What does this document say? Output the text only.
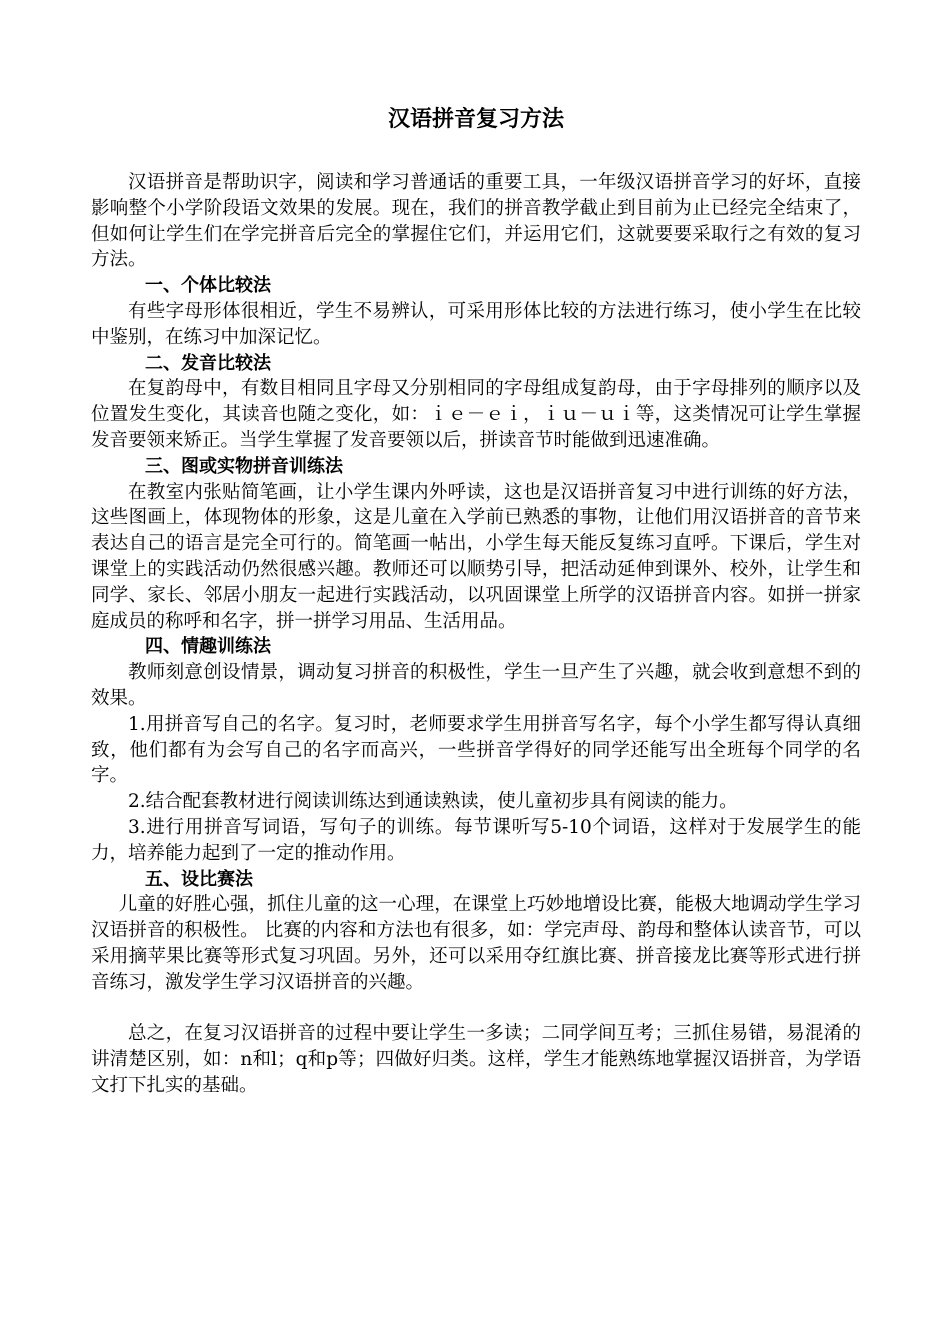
汉语拼音复习方法

汉语拼音是帮助识字，阅读和学习普通话的重要工具，一年级汉语拼音学习的好坏，直接影响整个小学阶段语文效果的发展。现在，我们的拼音教学截止到目前为止已经完全结束了，但如何让学生们在学完拼音后完全的掌握住它们，并运用它们，这就要要采取行之有效的复习方法。

一、个体比较法

有些字母形体很相近，学生不易辨认，可采用形体比较的方法进行练习，使小学生在比较中鉴别，在练习中加深记忆。

二、发音比较法

在复韵母中，有数目相同且字母又分别相同的字母组成复韵母，由于字母排列的顺序以及位置发生变化，其读音也随之变化，如：ｉｅ－ｅｉ，ｉｕ－ｕｉ等，这类情况可让学生掌握发音要领来矫正。当学生掌握了发音要领以后，拼读音节时能做到迅速准确。

三、图或实物拼音训练法

在教室内张贴简笔画，让小学生课内外呼读，这也是汉语拼音复习中进行训练的好方法，这些图画上，体现物体的形象，这是儿童在入学前已熟悉的事物，让他们用汉语拼音的音节来表达自己的语言是完全可行的。简笔画一帖出，小学生每天能反复练习直呼。下课后，学生对课堂上的实践活动仍然很感兴趣。教师还可以顺势引导，把活动延伸到课外、校外，让学生和同学、家长、邻居小朋友一起进行实践活动，以巩固课堂上所学的汉语拼音内容。如拼一拼家庭成员的称呼和名字，拼一拼学习用品、生活用品。

四、情趣训练法

教师刻意创设情景，调动复习拼音的积极性，学生一旦产生了兴趣，就会收到意想不到的效果。

1.用拼音写自己的名字。复习时，老师要求学生用拼音写名字，每个小学生都写得认真细致，他们都有为会写自己的名字而高兴，一些拼音学得好的同学还能写出全班每个同学的名字。

2.结合配套教材进行阅读训练达到通读熟读，使儿童初步具有阅读的能力。

3.进行用拼音写词语，写句子的训练。每节课听写5-10个词语，这样对于发展学生的能力，培养能力起到了一定的推动作用。

五、设比赛法

儿童的好胜心强，抓住儿童的这一心理，在课堂上巧妙地增设比赛，能极大地调动学生学习汉语拼音的积极性。 比赛的内容和方法也有很多，如：学完声母、韵母和整体认读音节，可以采用摘苹果比赛等形式复习巩固。另外，还可以采用夺红旗比赛、拼音接龙比赛等形式进行拼音练习，激发学生学习汉语拼音的兴趣。

总之，在复习汉语拼音的过程中要让学生一多读；二同学间互考；三抓住易错，易混淆的讲清楚区别，如：n和l；q和p等；四做好归类。这样，学生才能熟练地掌握汉语拼音，为学语文打下扎实的基础。
